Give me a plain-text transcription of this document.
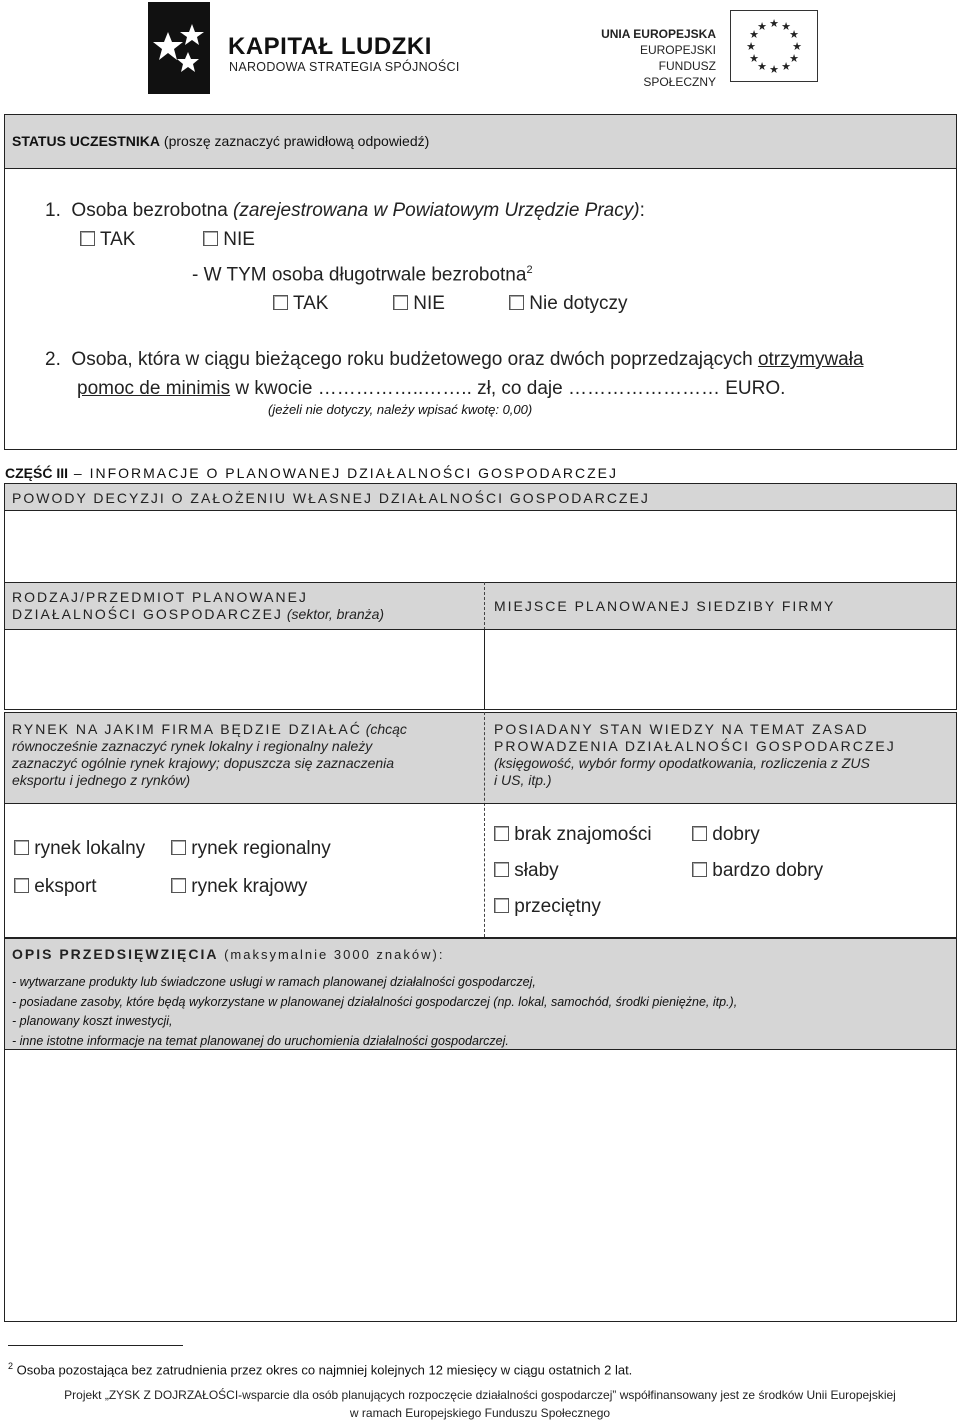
KAPITAŁ LUDZKI
NARODOWA STRATEGIA SPÓJNOŚCI
UNIA EUROPEJSKA
EUROPEJSKI
FUNDUSZ SPOŁECZNY
★ ★
★
★
★
★
★
★
★
★
★
★
STATUS UCZESTNIKA (proszę zaznaczyć prawidłową odpowiedź)
1. Osoba bezrobotna (zarejestrowana w Powiatowym Urzędzie Pracy):
TAK	NIE
- W TYM osoba długotrwale bezrobotna$^2$
TAK	NIE	Nie dotyczy
2. Osoba, która w ciągu bieżącego roku budżetowego oraz dwóch poprzedzających otrzymywała
pomoc de minimis w kwocie ……………..…….. zł, co daje …………………… EURO.
(jeżeli nie dotyczy, należy wpisać kwotę: 0,00)
CZĘŚĆ III – INFORMACJE O PLANOWANEJ DZIAŁALNOŚCI GOSPODARCZEJ
POWODY DECYZJI O ZAŁOŻENIU WŁASNEJ DZIAŁALNOŚCI GOSPODARCZEJ
RODZAJ/PRZEDMIOT PLANOWANEJ
DZIAŁALNOŚCI GOSPODARCZEJ (sektor, branża)	MIEJSCE PLANOWANEJ SIEDZIBY FIRMY
RYNEK NA JAKIM FIRMA BĘDZIE DZIAŁAĆ (chcąc
równocześnie zaznaczyć rynek lokalny i regionalny należy
zaznaczyć ogólnie rynek krajowy; dopuszcza się zaznaczenia
eksportu i jednego z rynków)
POSIADANY STAN WIEDZY NA TEMAT ZASAD
PROWADZENIA DZIAŁALNOŚCI GOSPODARCZEJ
(księgowość, wybór formy opodatkowania, rozliczenia z ZUS
i US, itp.)
rynek lokalny	rynek regionalny
eksport	rynek krajowy
brak znajomości	dobry
słaby	bardzo dobry
przeciętny
OPIS PRZEDSIĘWZIĘCIA (maksymalnie 3000 znaków):
- wytwarzane produkty lub świadczone usługi w ramach planowanej działalności gospodarczej,
- posiadane zasoby, które będą wykorzystane w planowanej działalności gospodarczej (np. lokal, samochód, środki pieniężne, itp.),
- planowany koszt inwestycji,
- inne istotne informacje na temat planowanej do uruchomienia działalności gospodarczej.
$^2$ Osoba pozostająca bez zatrudnienia przez okres co najmniej kolejnych 12 miesięcy w ciągu ostatnich 2 lat.
Projekt „ZYSK Z DOJRZAŁOŚCI-wsparcie dla osób planujących rozpoczęcie działalności gospodarczej” współfinansowany jest ze środków Unii Europejskiej
w ramach Europejskiego Funduszu Społecznego
